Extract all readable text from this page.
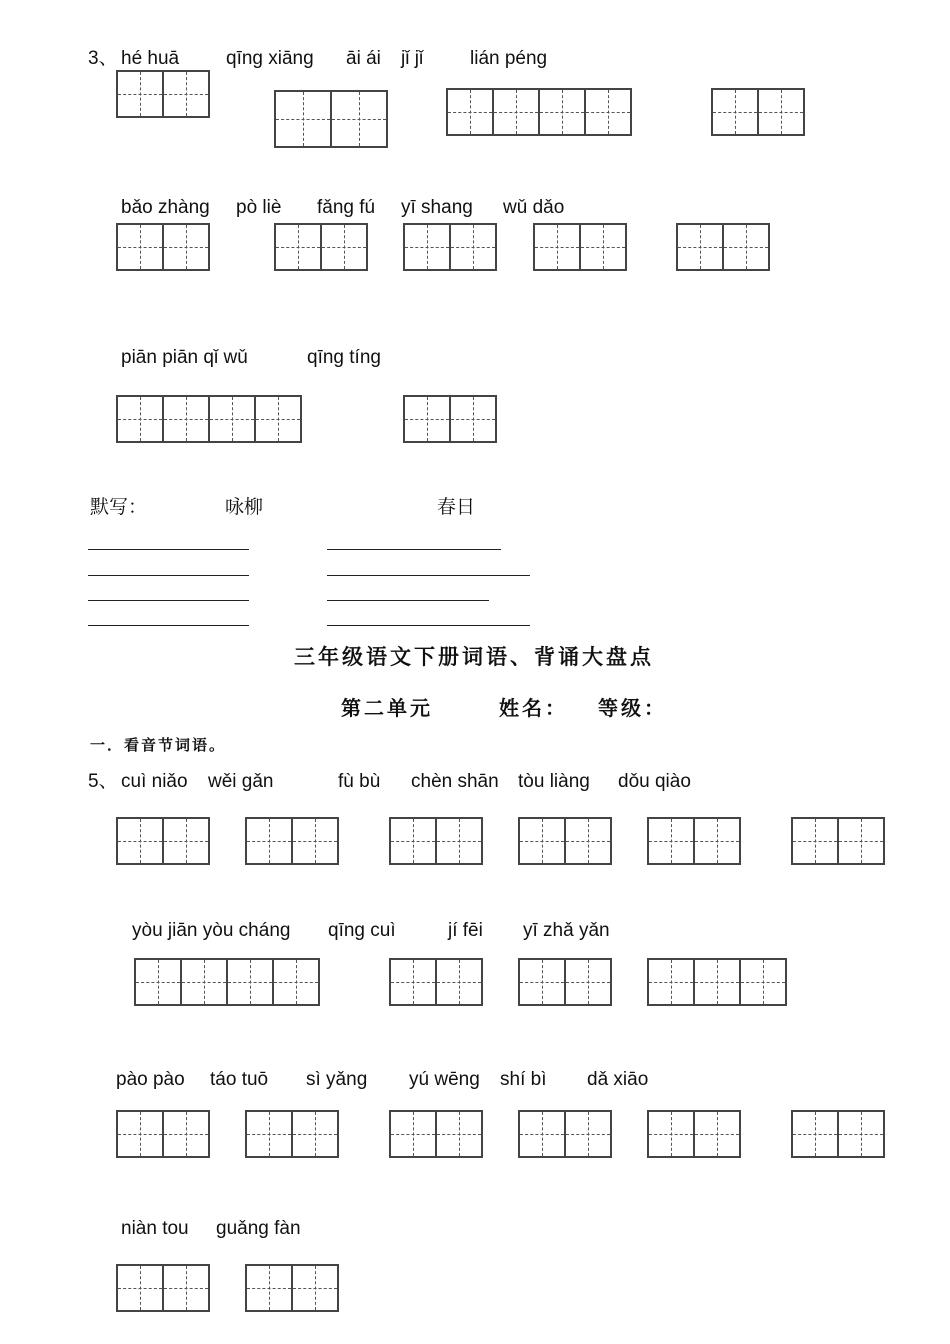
3、 hé huā qīng xiāng āi ái jǐ jǐ lián péng
bǎo zhàng pò liè fǎng fú yī shang wǔ dǎo
piān piān qǐ wǔ	qīng tíng
默写：	咏柳	春日
三年级语文下册词语、背诵大盘点
第二单元	姓名： 等级：
一．看音节词语。
5、 cuì niǎo wěi gǎn	fù bù chèn shān tòu liàng dǒu qiào
yòu jiān yòu cháng qīng cuì	jí fēi yī zhǎ yǎn
pào pào táo tuō sì yǎng yú wēng shí bì dǎ xiāo
niàn tou guǎng fàn
